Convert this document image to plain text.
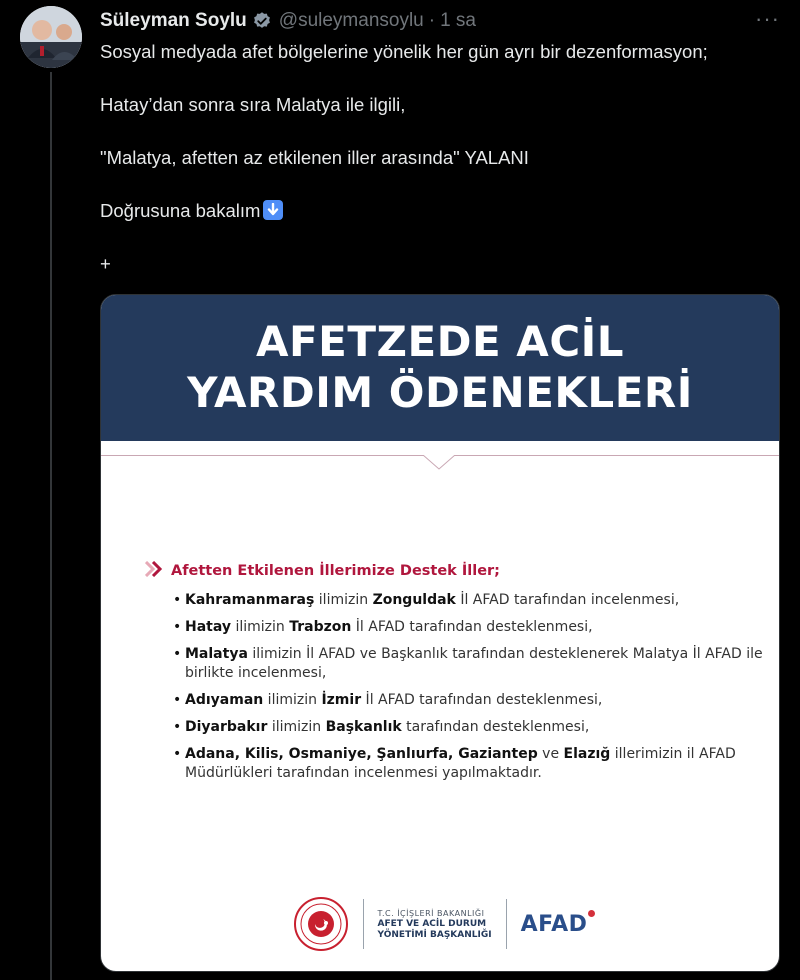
Süleyman Soylu @suleymansoylu · 1 sa	···

Sosyal medyada afet bölgelerine yönelik her gün ayrı bir dezenformasyon;

Hatay’dan sonra sıra Malatya ile ilgili,

"Malatya, afetten az etkilenen iller arasında" YALANI

Doğrusuna bakalım

+

AFETZEDE ACİL
YARDIM ÖDENEKLERİ
Afetten Etkilenen İllerimize Destek İller;
• Kahramanmaraş ilimizin Zonguldak İl AFAD tarafından incelenmesi,
• Hatay ilimizin Trabzon İl AFAD tarafından desteklenmesi,
• Malatya ilimizin İl AFAD ve Başkanlık tarafından desteklenerek Malatya İl AFAD ile birlikte incelenmesi,
• Adıyaman ilimizin İzmir İl AFAD tarafından desteklenmesi,
• Diyarbakır ilimizin Başkanlık tarafından desteklenmesi,
• Adana, Kilis, Osmaniye, Şanlıurfa, Gaziantep ve Elazığ illerimizin il AFAD Müdürlükleri tarafından incelenmesi yapılmaktadır.
T.C. İÇİŞLERİ BAKANLIĞI
AFET VE ACİL DURUM
YÖNETİMİ BAŞKANLIĞI AFAD
